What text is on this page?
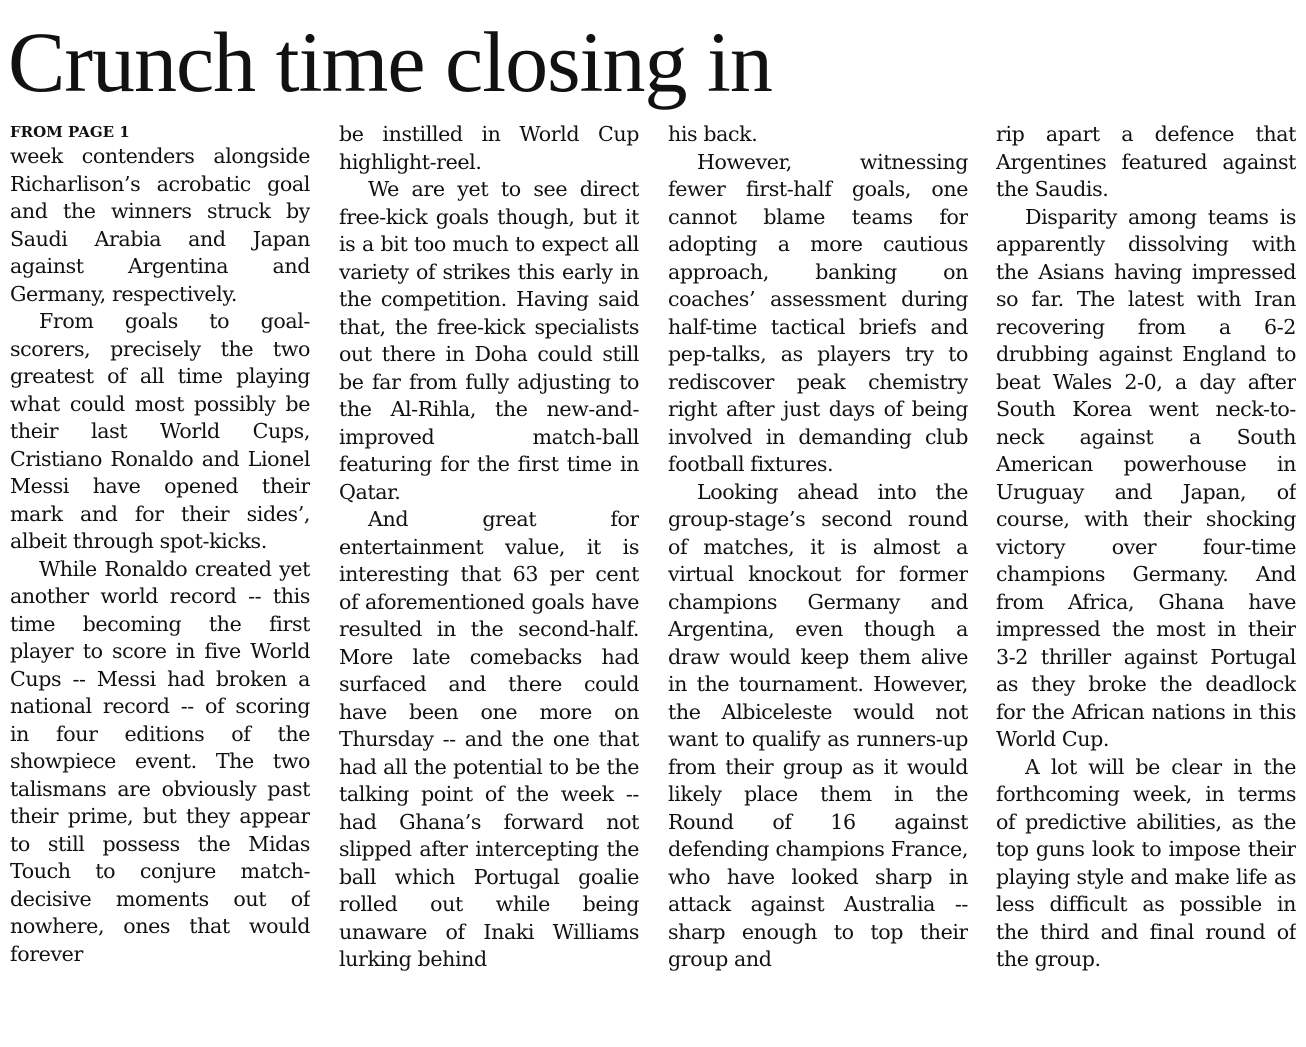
Crunch time closing in
FROM PAGE 1

week contenders alongside Richarlison’s acrobatic goal and the winners struck by Saudi Arabia and Japan against Argentina and Germany, respectively.

From goals to goal-scorers, precisely the two greatest of all time playing what could most possibly be their last World Cups, Cristiano Ronaldo and Lionel Messi have opened their mark and for their sides’, albeit through spot-kicks.

While Ronaldo created yet another world record -- this time becoming the first player to score in five World Cups -- Messi had broken a national record -- of scoring in four editions of the showpiece event. The two talismans are obviously past their prime, but they appear to still possess the Midas Touch to conjure match-decisive moments out of nowhere, ones that would forever

be instilled in World Cup highlight-reel.

We are yet to see direct free-kick goals though, but it is a bit too much to expect all variety of strikes this early in the competition. Having said that, the free-kick specialists out there in Doha could still be far from fully adjusting to the Al-Rihla, the new-and-improved match-ball featuring for the first time in Qatar.

And great for entertainment value, it is interesting that 63 per cent of aforementioned goals have resulted in the second-half. More late comebacks had surfaced and there could have been one more on Thursday -- and the one that had all the potential to be the talking point of the week -- had Ghana’s forward not slipped after intercepting the ball which Portugal goalie rolled out while being unaware of Inaki Williams lurking behind

his back.

However, witnessing fewer first-half goals, one cannot blame teams for adopting a more cautious approach, banking on coaches’ assessment during half-time tactical briefs and pep-talks, as players try to rediscover peak chemistry right after just days of being involved in demanding club football fixtures.

Looking ahead into the group-stage’s second round of matches, it is almost a virtual knockout for former champions Germany and Argentina, even though a draw would keep them alive in the tournament. However, the Albiceleste would not want to qualify as runners-up from their group as it would likely place them in the Round of 16 against defending champions France, who have looked sharp in attack against Australia -- sharp enough to top their group and

rip apart a defence that Argentines featured against the Saudis.

Disparity among teams is apparently dissolving with the Asians having impressed so far. The latest with Iran recovering from a 6-2 drubbing against England to beat Wales 2-0, a day after South Korea went neck-to-neck against a South American powerhouse in Uruguay and Japan, of course, with their shocking victory over four-time champions Germany. And from Africa, Ghana have impressed the most in their 3-2 thriller against Portugal as they broke the deadlock for the African nations in this World Cup.

A lot will be clear in the forthcoming week, in terms of predictive abilities, as the top guns look to impose their playing style and make life as less difficult as possible in the third and final round of the group.
